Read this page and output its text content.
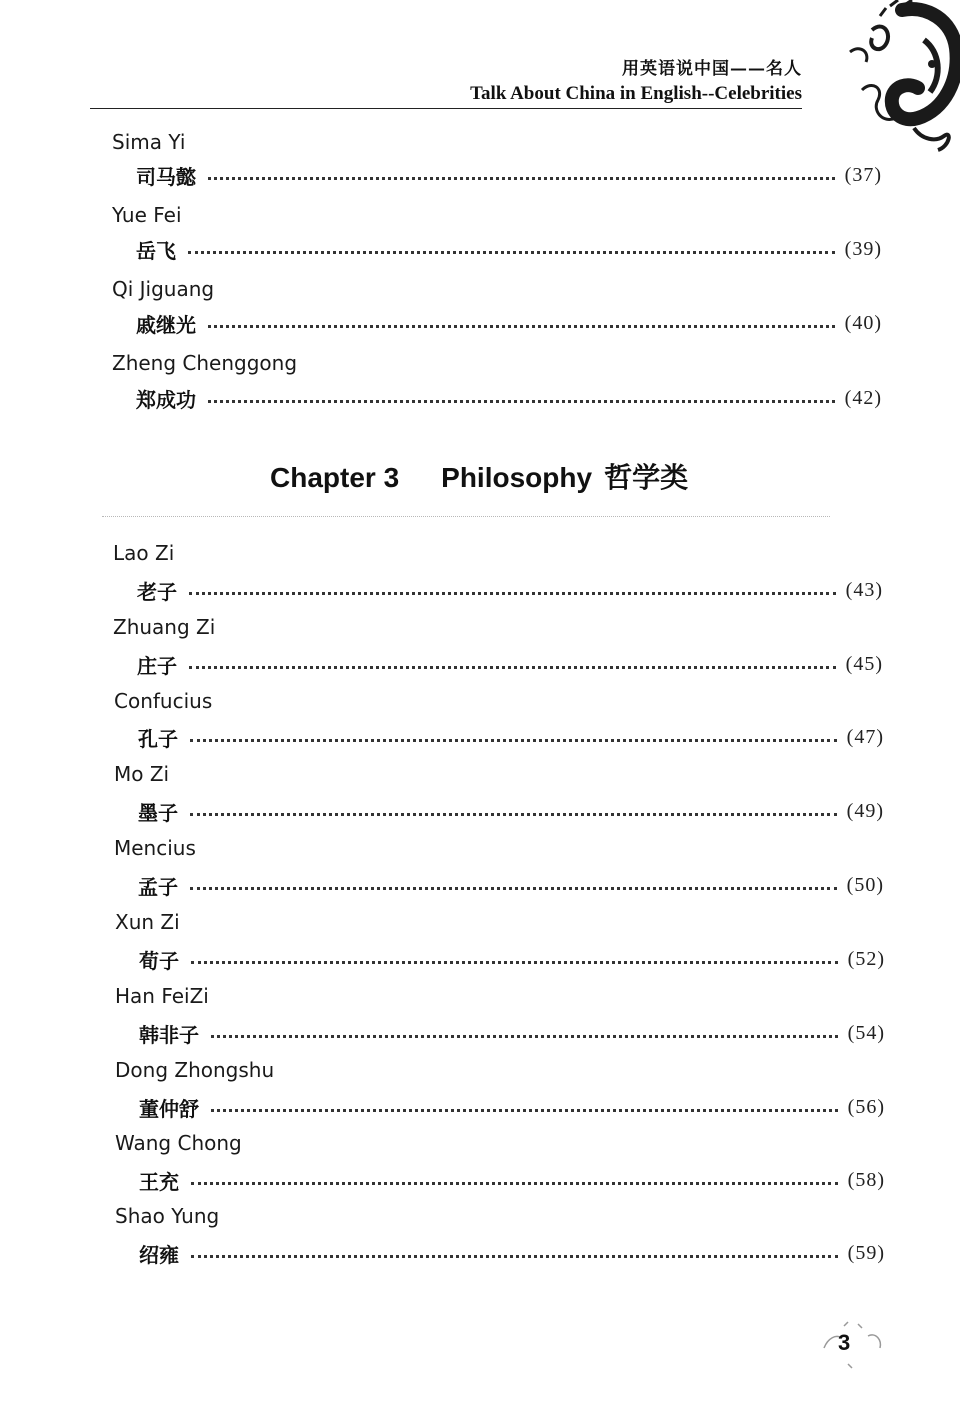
用英语说中国——名人
Talk About China in English--Celebrities
Sima Yi
司马懿	(37)
Yue Fei
岳飞	(39)
Qi Jiguang
戚继光	(40)
Zheng Chenggong
郑成功	(42)
Chapter 3 Philosophy 哲学类
Lao Zi
老子	(43)
Zhuang Zi
庄子	(45)
Confucius
孔子	(47)
Mo Zi
墨子	(49)
Mencius
孟子	(50)
Xun Zi
荀子	(52)
Han FeiZi
韩非子	(54)
Dong Zhongshu
董仲舒	(56)
Wang Chong
王充	(58)
Shao Yung
绍雍	(59)
3
